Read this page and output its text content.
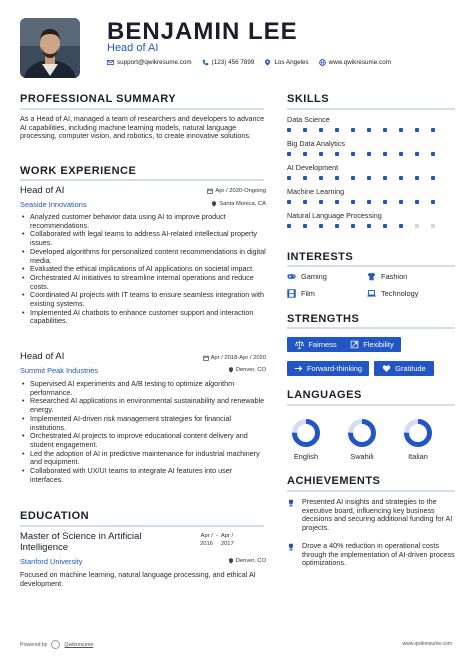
BENJAMIN LEE
Head of AI
support@qwikresume.com	(123) 456 7899	Los Angeles	www.qwikresume.com
PROFESSIONAL SUMMARY
As a Head of AI, managed a team of researchers and developers to advance AI capabilities, including machine learning models, natural language processing, computer vision, and robotics, to create innovative solutions.
WORK EXPERIENCE
Head of AI	Apr / 2020-Ongoing
Seaside Innovations	Santa Monica, CA
• Analyzed customer behavior data using AI to improve product recommendations.
• Collaborated with legal teams to address AI-related intellectual property issues.
• Developed algorithms for personalized content recommendations in digital media.
• Evaluated the ethical implications of AI applications on societal impact.
• Orchestrated AI initiatives to streamline internal operations and reduce costs.
• Coordinated AI projects with IT teams to ensure seamless integration with existing systems.
• Implemented AI chatbots to enhance customer support and interaction capabilities.
Head of AI	Apr / 2018-Apr / 2020
Summit Peak Industries	Denver, CO
• Supervised AI experiments and A/B testing to optimize algorithm performance.
• Researched AI applications in environmental sustainability and renewable energy.
• Implemented AI-driven risk management strategies for financial institutions.
• Orchestrated AI projects to improve educational content delivery and student engagement.
• Led the adoption of AI in predictive maintenance for industrial machinery and equipment.
• Collaborated with UX/UI teams to integrate AI features into user interfaces.
EDUCATION
Master of Science in Artificial
Intelligence
Apr /
2016
- Apr /
2017
Stanford University	Denver, CO
Focused on machine learning, natural language processing, and ethical AI development.
SKILLS
Data Science
Big Data Analytics
AI Development
Machine Learning
Natural Language Processing
INTERESTS
Gaming	Fashion
Film	Technology
STRENGTHS
Fairness	Flexibility
Forward-thinking	Gratitude
LANGUAGES
English	Swahili	Italian
ACHIEVEMENTS
Presented AI insights and strategies to the executive board, influencing key business decisions and securing additional funding for AI projects.
Drove a 40% reduction in operational costs through the implementation of AI-driven process optimizations.
Powered by	Qwikresume	www.qwikresume.com
